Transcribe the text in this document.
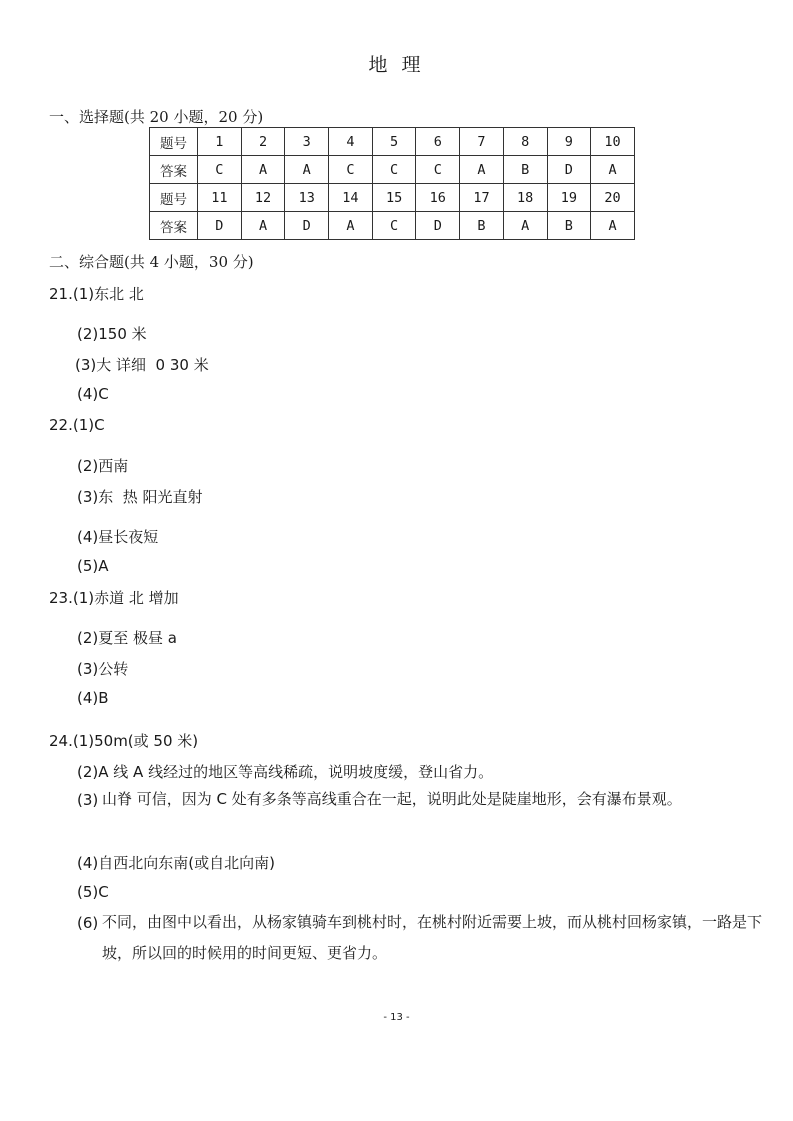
地 理
一、选择题(共 20 小题，20 分)
题号	1	2	3	4	5	6	7	8	9	10
答案	C	A	A	C	C	C	A	B	D	A
题号	11	12	13	14	15	16	17	18	19	20
答案	D	A	D	A	C	D	B	A	B	A
二、综合题(共 4 小题，30 分)
21.(1)东北 北
(2)150 米
(3)大 详细  0 30 米
(4)C
22.(1)C
(2)西南
(3)东  热 阳光直射
(4)昼长夜短
(5)A
23.(1)赤道 北 增加
(2)夏至 极昼 a
(3)公转
(4)B
24.(1)50m(或 50 米)
(2)A 线 A 线经过的地区等高线稀疏，说明坡度缓，登山省力。
(3) 山脊 可信，因为 C 处有多条等高线重合在一起，说明此处是陡崖地形，会有瀑布景观。
(4)自西北向东南(或自北向南)
(5)C
(6) 不同，由图中以看出，从杨家镇骑车到桃村时，在桃村附近需要上坡，而从桃村回杨家镇，一路是下坡，所以回的时候用的时间更短、更省力。
- 13 -
